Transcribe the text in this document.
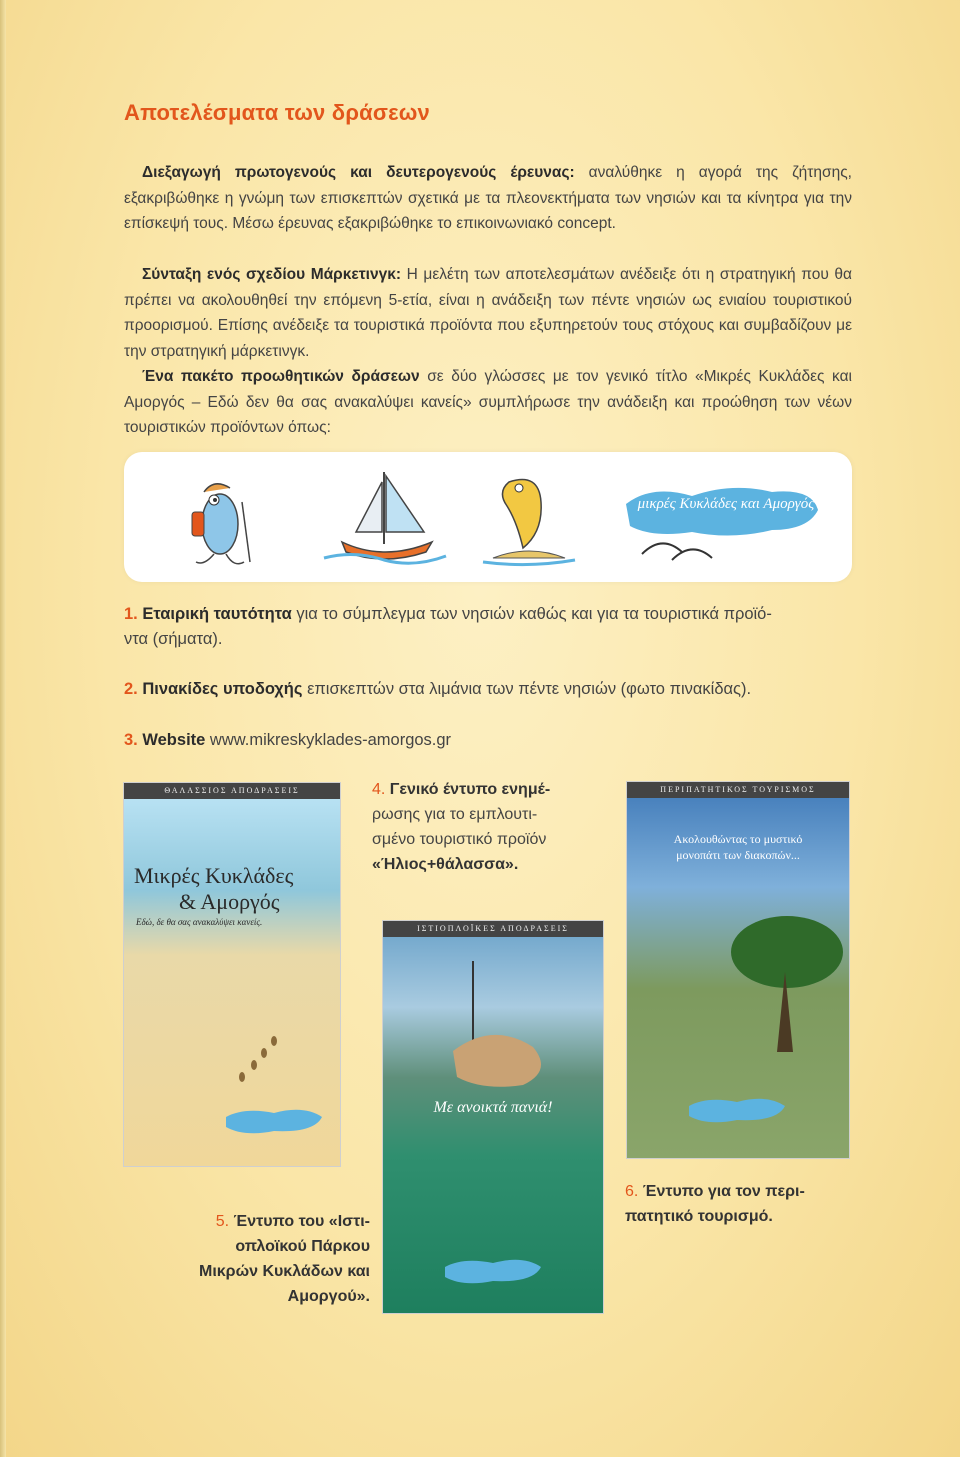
Αποτελέσματα των δράσεων

Διεξαγωγή πρωτογενούς και δευτερογενούς έρευνας: αναλύθηκε η αγορά της ζήτησης, εξακριβώθηκε η γνώμη των επισκεπτών σχετικά με τα πλεονεκτήματα των νησιών και τα κίνητρα για την επίσκεψή τους. Μέσω έρευνας εξακριβώθηκε το επικοινωνιακό concept.

Σύνταξη ενός σχεδίου Μάρκετινγκ: Η μελέτη των αποτελεσμάτων ανέδειξε ότι η στρατηγική που θα πρέπει να ακολουθηθεί την επόμενη 5-ετία, είναι η ανάδειξη των πέντε νησιών ως ενιαίου τουριστικού προορισμού. Επίσης ανέδειξε τα τουριστικά προϊόντα που εξυπηρετούν τους στόχους και συμβαδίζουν με την στρατηγική μάρκετινγκ.

Ένα πακέτο προωθητικών δράσεων σε δύο γλώσσες με τον γενικό τίτλο «Μικρές Κυκλάδες και Αμοργός – Εδώ δεν θα σας ανακαλύψει κανείς» συμπλήρωσε την ανάδειξη και προώθηση των νέων τουριστικών προϊόντων όπως:

μικρές Κυκλάδες και Αμοργός

1. Εταιρική ταυτότητα για το σύμπλεγμα των νησιών καθώς και για τα τουριστικά προϊό-
ντα (σήματα).

2. Πινακίδες υποδοχής επισκεπτών στα λιμάνια των πέντε νησιών (φωτο πινακίδας).

3. Website www.mikreskyklades-amorgos.gr

ΘΑΛΑΣΣΙΟΣ ΑΠΟΔΡΑΣΕΙΣ
Μικρές Κυκλάδες
& Αμοργός
Εδώ, δε θα σας ανακαλύψει κανείς.
ΙΣΤΙΟΠΛΟΪΚΕΣ ΑΠΟΔΡΑΣΕΙΣ
Με ανοικτά πανιά!
ΠΕΡΙΠΑΤΗΤΙΚΟΣ ΤΟΥΡΙΣΜΟΣ
Ακολουθώντας το μυστικό
μονοπάτι των διακοπών...
4. Γενικό έντυπο ενημέ-
ρωσης για το εμπλουτι-
σμένο τουριστικό προϊόν
«Ήλιος+θάλασσα».
5. Έντυπο του «Ιστι-
οπλοϊκού Πάρκου
Μικρών Κυκλάδων και
Αμοργού».
6. Έντυπο για τον περι-
πατητικό τουρισμό.
